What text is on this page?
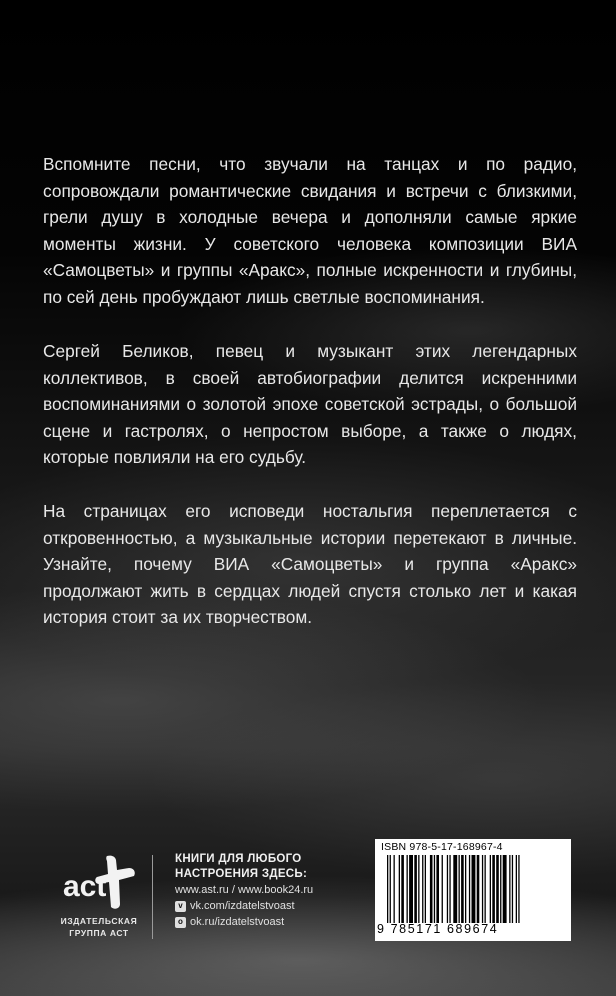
Вспомните песни, что звучали на танцах и по радио, сопровождали романтические свидания и встречи с близкими, грели душу в холодные вечера и дополняли самые яркие моменты жизни. У советского человека композиции ВИА «Самоцветы» и группы «Аракс», полные искренности и глубины, по сей день пробуждают лишь светлые воспоминания.
Сергей Беликов, певец и музыкант этих легендарных коллективов, в своей автобиографии делится искренними воспоминаниями о золотой эпохе советской эстрады, о большой сцене и гастролях, о непростом выборе, а также о людях, которые повлияли на его судьбу.
На страницах его исповеди ностальгия переплетается с откровенностью, а музыкальные истории перетекают в личные. Узнайте, почему ВИА «Самоцветы» и группа «Аракс» продолжают жить в сердцах людей спустя столько лет и какая история стоит за их творчеством.
act
ИЗДАТЕЛЬСКАЯ
ГРУППА АСТ
КНИГИ ДЛЯ ЛЮБОГО
НАСТРОЕНИЯ ЗДЕСЬ:
www.ast.ru / www.book24.ru
v vk.com/izdatelstvoast
o ok.ru/izdatelstvoast
ISBN 978-5-17-168967-4
9 785171 689674
